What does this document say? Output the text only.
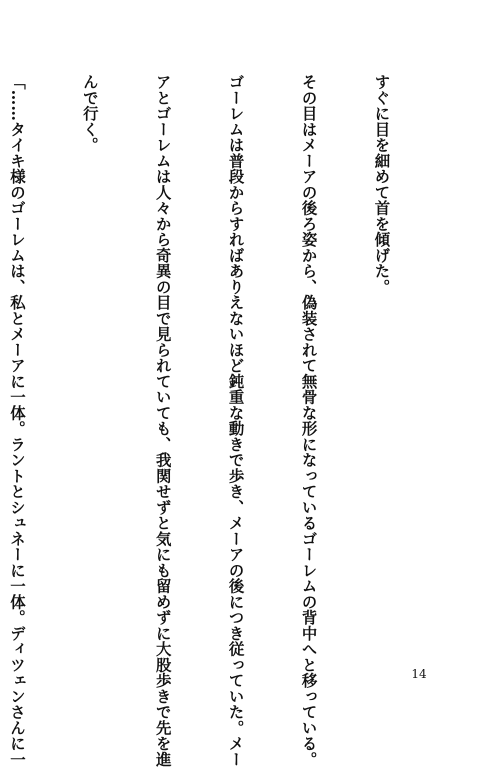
すぐに目を細めて首を傾げた。

その目はメーアの後ろ姿から、偽装されて無骨な形になっているゴーレムの背中へと移っている。

ゴーレムは普段からすればありえないほど鈍重な動きで歩き、メーアの後につき従っていた。メー

アとゴーレムは人々から奇異の目で見られていても、我関せずと気にも留めずに大股歩きで先を進

んで行く。

「……タイキ様のゴーレムは、私とメーアに一体。ラントとシュネーに一体。ディツェンさんに一

	14
